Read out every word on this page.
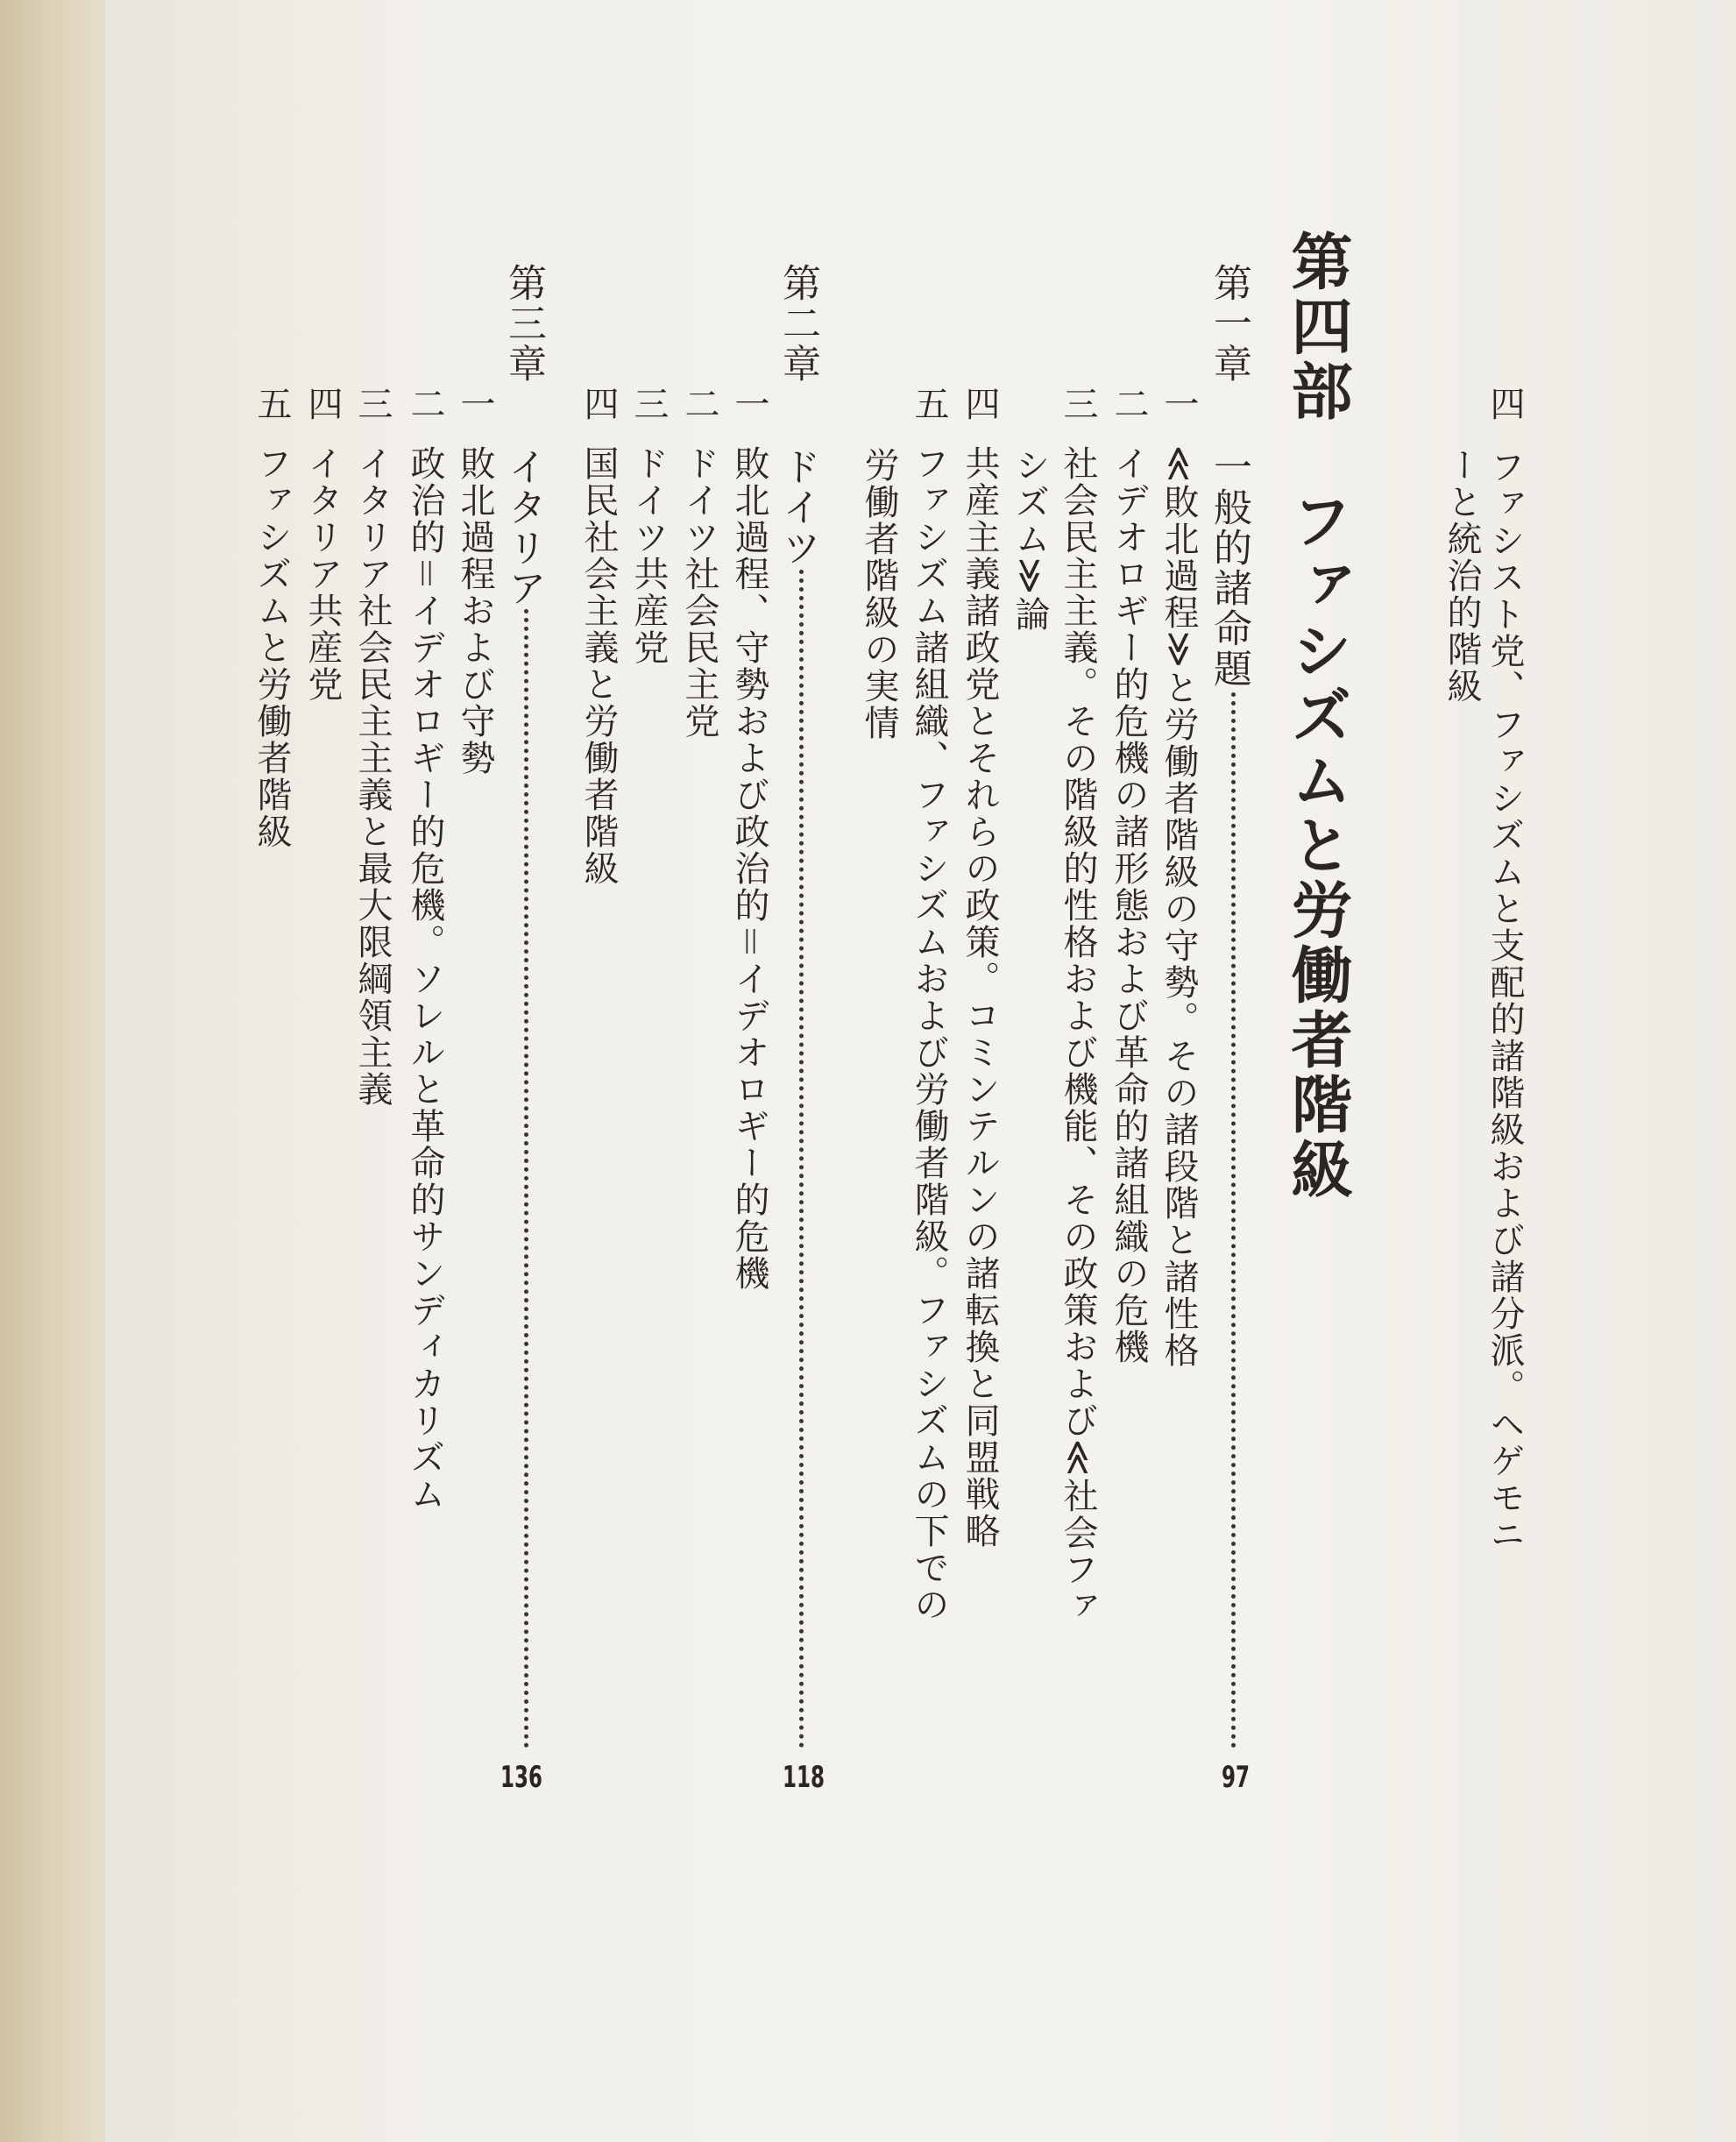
四ファシスト党、ファシズムと支配的諸階級および諸分派。ヘゲモニ
ーと統治的階級
第四部　ファシズムと労働者階級
第一章
一般的諸命題
97
一≪敗北過程≫と労働者階級の守勢。その諸段階と諸性格
二イデオロギー的危機の諸形態および革命的諸組織の危機
三社会民主主義。その階級的性格および機能、その政策および≪社会ファ
シズム≫論
四共産主義諸政党とそれらの政策。コミンテルンの諸転換と同盟戦略
五ファシズム諸組織、ファシズムおよび労働者階級。ファシズムの下での
労働者階級の実情
第二章
ドイツ
118
一敗北過程、守勢および政治的＝イデオロギー的危機
二ドイツ社会民主党
三ドイツ共産党
四国民社会主義と労働者階級
第三章
イタリア
136
一敗北過程および守勢
二政治的＝イデオロギー的危機。ソレルと革命的サンディカリズム
三イタリア社会民主主義と最大限綱領主義
四イタリア共産党
五ファシズムと労働者階級
